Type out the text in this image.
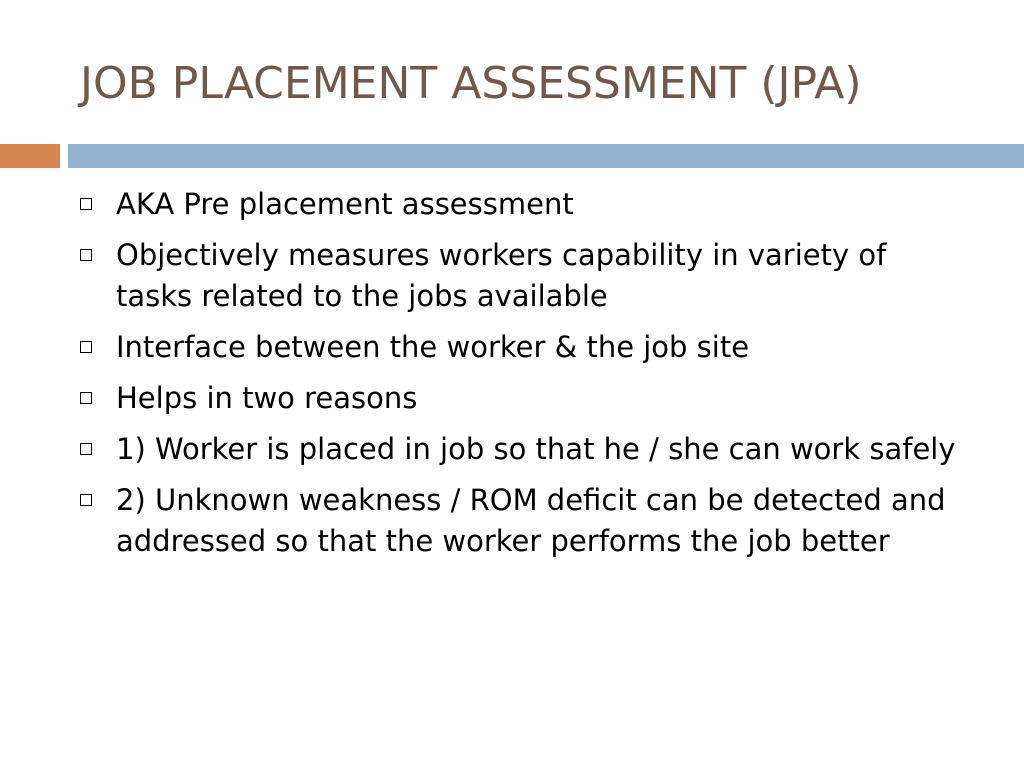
JOB PLACEMENT ASSESSMENT (JPA)
AKA Pre placement assessment
Objectively measures workers capability in variety of tasks related to the jobs available
Interface between the worker & the job site
Helps in two reasons
1) Worker is placed in job so that he / she can work safely
2) Unknown weakness / ROM deficit can be detected and addressed so that the worker performs the job better
